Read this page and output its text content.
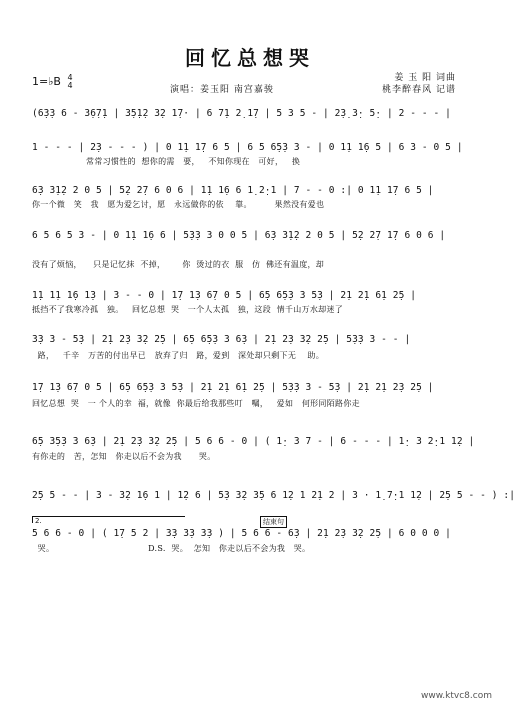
回忆总想哭
姜 玉 阳 词曲
演唱：姜玉阳 南宫嘉骏	桃李醉春风 记谱
1=♭B 4
4
(6̣3̣3 6 - 3̣6̣7̣1 | 3̣5̣1̣2 3̣2 1̣7· | 6 7̣1 2̣ 1̣7 | 5 3 5 - | 2̣3̣ 3̣· 5̣· | 2 - - - |
1 - - - | 2̣3 - - - ) | 0 1̣1 1̣7 6 5 | 6 5 6̣5̣3 3 - | 0 1̣1 1̣6 5 | 6 3 - 0 5 |
常常习惯性的  想你的需   要，   不知你现在   可好，   换
6̣3 3̣1̣2 2 0 5 | 5̣2 2̣7 6 0 6 | 1̣1 1̣6 6 1̣ 2̣·1 | 7 - - 0 :| 0 1̣1 1̣7 6 5 |
你一个微   笑   我   愿为爱乞讨，愿   永远做你的依    靠。        果然没有爱也
6 5 6 5 3 - | 0 1̣1 1̣6 6 | 5̣3̣3 3 0 0 5 | 6̣3 3̣1̣2 2 0 5 | 5̣2 2̣7 1̣7 6 0 6 |
没有了烦恼，    只是记忆抹  不掉，      你  烫过的衣  服   仿  佛还有温度，却
1̣1 1̣1 1̣6 1̣3 | 3 - - 0 | 1̣7 1̣3 6̣7 0 5 | 6̣5 6̣5̣3 3 5̣3 | 2̣1 2̣1 6̣1 2̣5 |
抵挡不了我寒冷孤   独。   回忆总想  哭   一个人太孤   独，这段  情千山万水却迷了
3̣3 3 - 5̣3 | 2̣1 2̣3 3̣2 2̣5 | 6̣5 6̣5̣3 3 6̣3 | 2̣1 2̣3 3̣2 2̣5 | 5̣3̣3 3 - - |
路，   千辛   万苦的付出早已   放弃了归   路，爱到   深处却只剩下无    助。
1̣7 1̣3 6̣7 0 5 | 6̣5 6̣5̣3 3 5̣3 | 2̣1 2̣1 6̣1 2̣5 | 5̣3̣3 3 - 5̣3 | 2̣1 2̣1 2̣3 2̣5 |
回忆总想  哭   一 个人的幸  福，就像  你最后给我那些叮   嘱，   爱如   何形同陌路你走
6̣5 3̣5̣3 3 6̣3 | 2̣1 2̣3 3̣2 2̣5 | 5 6 6 - 0 | ( 1̣· 3 7 - | 6 - - - | 1̣· 3 2̣·1 1̣2 |
有你走的   苦，怎知   你走以后不会为我      哭。
2̣5 5 - - | 3 - 3̣2 1̣6 1 | 1̣2 6 | 5̣3 3̣2 3̣5 6 1̣2 1 2̣1 2 | 3 · 1̣ 7̣·1 1̣2 | 2̣5 5 - - ) :|
2.	结束句
5 6 6 - 0 | ( 1̣7 5 2 | 3̣3 3̣3 3̣3 ) | 5 6 6 - 6̣3 | 2̣1 2̣3 3̣2 2̣5 | 6 0 0 0 |
哭。                                 D.S.  哭。  怎知   你走以后不会为我   哭。
www.ktvc8.com
